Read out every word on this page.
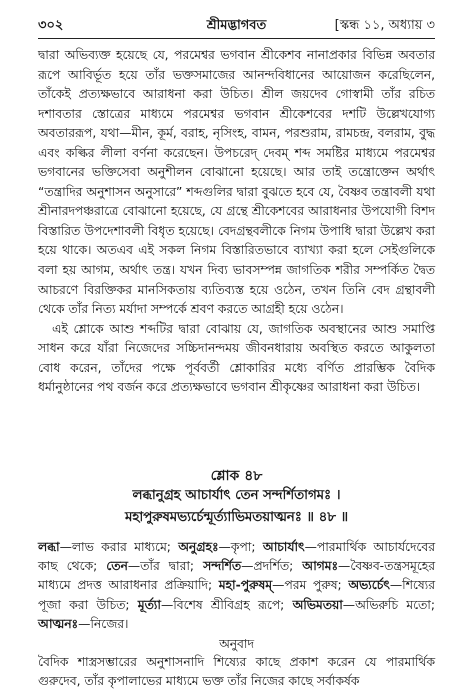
৩০২	শ্রীমদ্ভাগবত	[স্কন্ধ ১১, অধ্যায় ৩

দ্বারা অভিব্যক্ত হয়েছে যে, পরমেশ্বর ভগবান শ্রীকেশব নানাপ্রকার বিভিন্ন অবতার রূপে আবির্ভূত হয়ে তাঁর ভক্তসমাজের আনন্দবিধানের আয়োজন করেছিলেন, তাঁকেই প্রত্যক্ষভাবে আরাধনা করা উচিত। শ্রীল জয়দেব গোস্বামী তাঁর রচিত দশাবতার স্তোত্রের মাধ্যমে পরমেশ্বর ভগবান শ্রীকেশবের দশটি উল্লেখযোগ্য অবতাররূপ, যথা—মীন, কূর্ম, বরাহ, নৃসিংহ, বামন, পরশুরাম, রামচন্দ্র, বলরাম, বুদ্ধ এবং কল্কির লীলা বর্ণনা করেছেন। উপচরেদ্ দেবম্ শব্দ সমষ্টির মাধ্যমে পরমেশ্বর ভগবানের ভক্তিসেবা অনুশীলন বোঝানো হয়েছে। আর তাই তন্ত্রোক্তেন অর্থাৎ “তন্ত্রাদির অনুশাসন অনুসারে” শব্দগুলির দ্বারা বুঝতে হবে যে, বৈষ্ণব তন্ত্রাবলী যথা শ্রীনারদপঞ্চরাত্রে বোঝানো হয়েছে, যে গ্রন্থে শ্রীকেশবের আরাধনার উপযোগী বিশদ বিস্তারিত উপদেশাবলী বিধৃত হয়েছে। বেদগ্রন্থবলীকে নিগম উপাধি দ্বারা উল্লেখ করা হয়ে থাকে। অতএব এই সকল নিগম বিস্তারিতভাবে ব্যাখ্যা করা হলে সেইগুলিকে বলা হয় আগম, অর্থাৎ তন্ত্র। যখন দিব্য ভাবসম্পন্ন জাগতিক শরীর সম্পর্কিত দ্বৈত আচরণে বিরক্তিকর মানসিকতায় ব্যতিব্যস্ত হয়ে ওঠেন, তখন তিনি বেদ গ্রন্থাবলী থেকে তাঁর নিত্য মর্যাদা সম্পর্কে শ্রবণ করতে আগ্রহী হয়ে ওঠেন।

এই শ্লোকে আশু শব্দটির দ্বারা বোঝায় যে, জাগতিক অবস্থানের আশু সমাপ্তি সাধন করে যাঁরা নিজেদের সচ্চিদানন্দময় জীবনধারায় অবস্থিত করতে আকুলতা বোধ করেন, তাঁদের পক্ষে পূর্ববর্তী শ্লোকারির মধ্যে বর্ণিত প্রারম্ভিক বৈদিক ধর্মানুষ্ঠানের পথ বর্জন করে প্রত্যক্ষভাবে ভগবান শ্রীকৃষ্ণের আরাধনা করা উচিত।

শ্লোক ৪৮
লব্ধানুগ্রহ আচার্যাৎ তেন সন্দর্শিতাগমঃ ।
মহাপুরুষমভ্যর্চেন্মূর্ত্যাভিমতয়াত্মনঃ ॥ ৪৮ ॥
লব্ধা—লাভ করার মাধ্যমে; অনুগ্রহঃ—কৃপা; আচার্যাৎ—পারমার্থিক আচার্যদেবের কাছ থেকে; তেন—তাঁর দ্বারা; সন্দর্শিত—প্রদর্শিত; আগমঃ—বৈষ্ণব-তন্ত্রসমূহের মাধ্যমে প্রদত্ত আরাধনার প্রক্রিয়াদি; মহা-পুরুষম্—পরম পুরুষ; অভ্যর্চেৎ—শিষ্যের পূজা করা উচিত; মূর্ত্যা—বিশেষ শ্রীবিগ্রহ রূপে; অভিমতয়া—অভিরুচি মতো; আত্মনঃ—নিজের।
অনুবাদ
বৈদিক শাস্ত্রসম্ভারের অনুশাসনাদি শিষ্যের কাছে প্রকাশ করেন যে পারমার্থিক গুরুদেব, তাঁর কৃপালাভের মাধ্যমে ভক্ত তাঁর নিজের কাছে সর্বাকর্ষক
